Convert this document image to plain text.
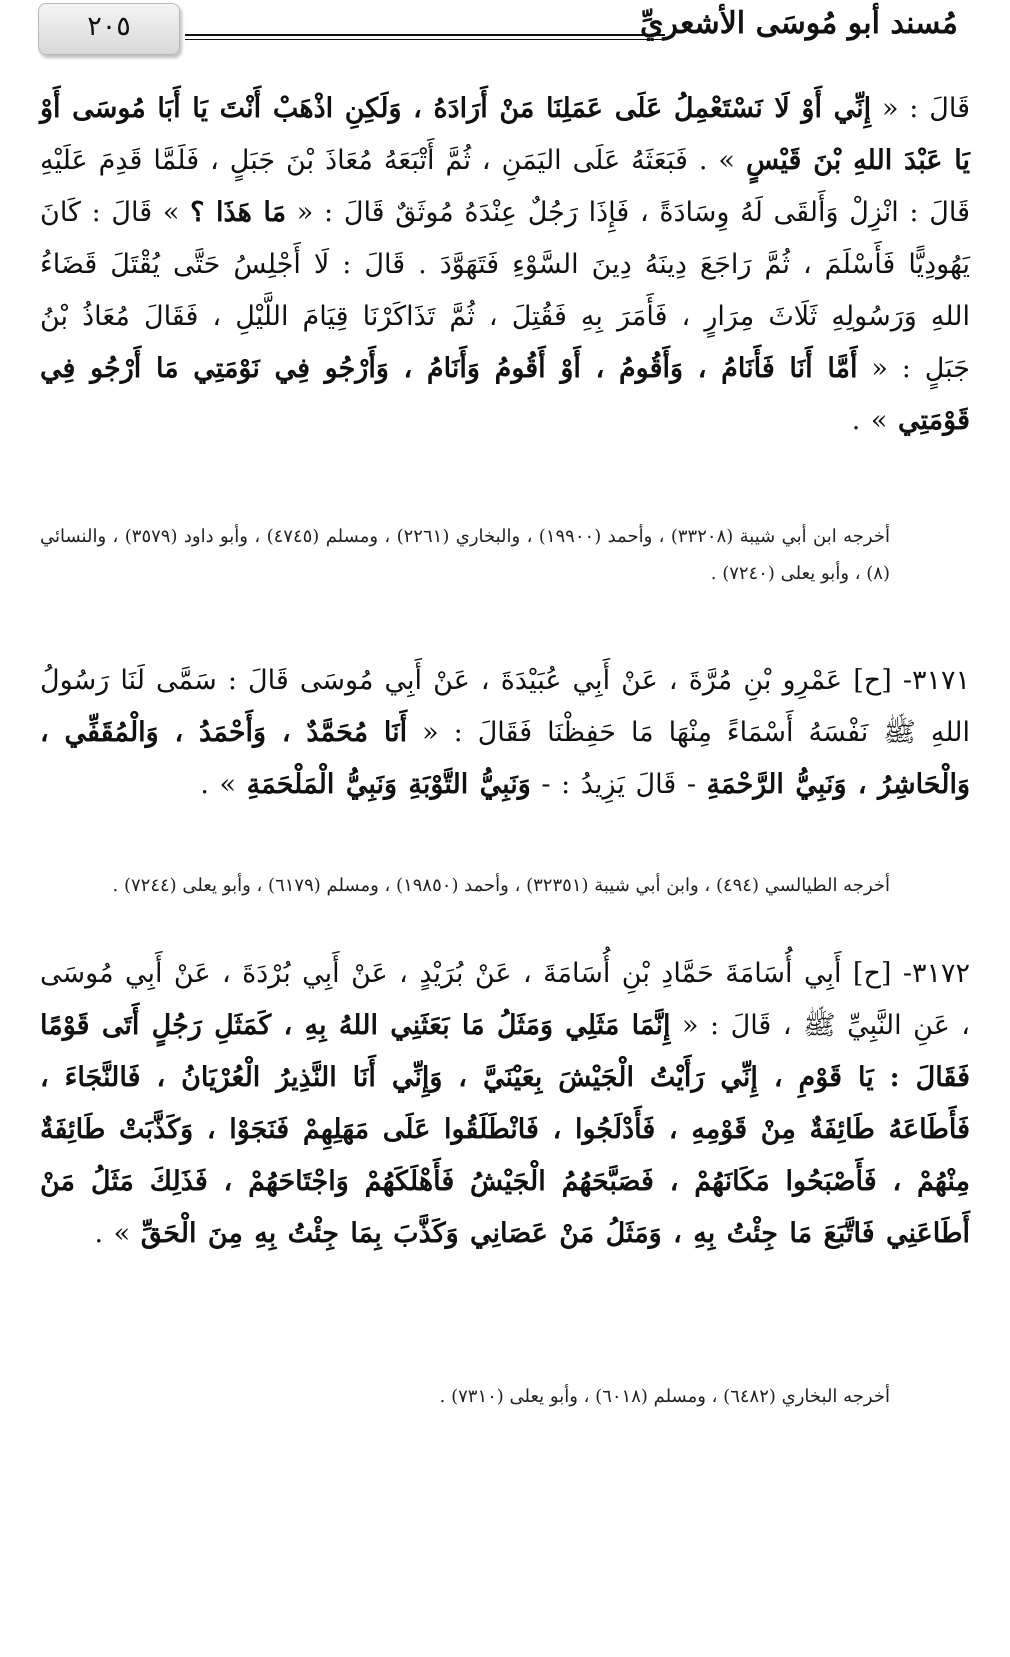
مُسند أبو مُوسَى الأشعريِّ
٢٠٥
قَالَ : « إِنِّي أَوْ لَا نَسْتَعْمِلُ عَلَى عَمَلِنَا مَنْ أَرَادَهُ ، وَلَكِنِ اذْهَبْ أَنْتَ يَا أَبَا مُوسَى أَوْ يَا عَبْدَ اللهِ بْنَ قَيْسٍ » . فَبَعَثَهُ عَلَى اليَمَنِ ، ثُمَّ أَتْبَعَهُ مُعَاذَ بْنَ جَبَلٍ ، فَلَمَّا قَدِمَ عَلَيْهِ قَالَ : انْزِلْ وَأَلقَى لَهُ وِسَادَةً ، فَإِذَا رَجُلٌ عِنْدَهُ مُوثَقٌ قَالَ : « مَا هَذَا ؟ » قَالَ : كَانَ يَهُودِيًّا فَأَسْلَمَ ، ثُمَّ رَاجَعَ دِينَهُ دِينَ السَّوْءِ فَتَهَوَّدَ . قَالَ : لَا أَجْلِسُ حَتَّى يُقْتَلَ قَضَاءُ اللهِ وَرَسُولِهِ ثَلَاثَ مِرَارٍ ، فَأَمَرَ بِهِ فَقُتِلَ ، ثُمَّ تَذَاكَرْنَا قِيَامَ اللَّيْلِ ، فَقَالَ مُعَاذُ بْنُ جَبَلٍ : « أَمَّا أَنَا فَأَنَامُ ، وَأَقُومُ ، أَوْ أَقُومُ وَأَنَامُ ، وَأَرْجُو فِي نَوْمَتِي مَا أَرْجُو فِي قَوْمَتِي » .
أخرجه ابن أبي شيبة (٣٣٢٠٨) ، وأحمد (١٩٩٠٠) ، والبخاري (٢٢٦١) ، ومسلم (٤٧٤٥) ، وأبو داود (٣٥٧٩) ، والنسائي (٨) ، وأبو يعلى (٧٢٤٠) .
٣١٧١- [ح] عَمْرِو بْنِ مُرَّةَ ، عَنْ أَبِي عُبَيْدَةَ ، عَنْ أَبِي مُوسَى قَالَ : سَمَّى لَنَا رَسُولُ اللهِ ﷺ نَفْسَهُ أَسْمَاءً مِنْهَا مَا حَفِظْنَا فَقَالَ : « أَنَا مُحَمَّدٌ ، وَأَحْمَدُ ، وَالْمُقَفِّي ، وَالْحَاشِرُ ، وَنَبِيُّ الرَّحْمَةِ - قَالَ يَزِيدُ : - وَنَبِيُّ التَّوْبَةِ وَنَبِيُّ الْمَلْحَمَةِ » .
أخرجه الطيالسي (٤٩٤) ، وابن أبي شيبة (٣٢٣٥١) ، وأحمد (١٩٨٥٠) ، ومسلم (٦١٧٩) ، وأبو يعلى (٧٢٤٤) .
٣١٧٢- [ح] أَبِي أُسَامَةَ حَمَّادِ بْنِ أُسَامَةَ ، عَنْ بُرَيْدٍ ، عَنْ أَبِي بُرْدَةَ ، عَنْ أَبِي مُوسَى ، عَنِ النَّبِيِّ ﷺ ، قَالَ : « إِنَّمَا مَثَلِي وَمَثَلُ مَا بَعَثَنِي اللهُ بِهِ ، كَمَثَلِ رَجُلٍ أَتَى قَوْمًا فَقَالَ : يَا قَوْمِ ، إِنِّي رَأَيْتُ الْجَيْشَ بِعَيْنَيَّ ، وَإِنِّي أَنَا النَّذِيرُ الْعُرْيَانُ ، فَالنَّجَاءَ ، فَأَطَاعَهُ طَائِفَةٌ مِنْ قَوْمِهِ ، فَأَدْلَجُوا ، فَانْطَلَقُوا عَلَى مَهَلِهِمْ فَنَجَوْا ، وَكَذَّبَتْ طَائِفَةٌ مِنْهُمْ ، فَأَصْبَحُوا مَكَانَهُمْ ، فَصَبَّحَهُمُ الْجَيْشُ فَأَهْلَكَهُمْ وَاجْتَاحَهُمْ ، فَذَلِكَ مَثَلُ مَنْ أَطَاعَنِي فَاتَّبَعَ مَا جِئْتُ بِهِ ، وَمَثَلُ مَنْ عَصَانِي وَكَذَّبَ بِمَا جِئْتُ بِهِ مِنَ الْحَقِّ » .
أخرجه البخاري (٦٤٨٢) ، ومسلم (٦٠١٨) ، وأبو يعلى (٧٣١٠) .
